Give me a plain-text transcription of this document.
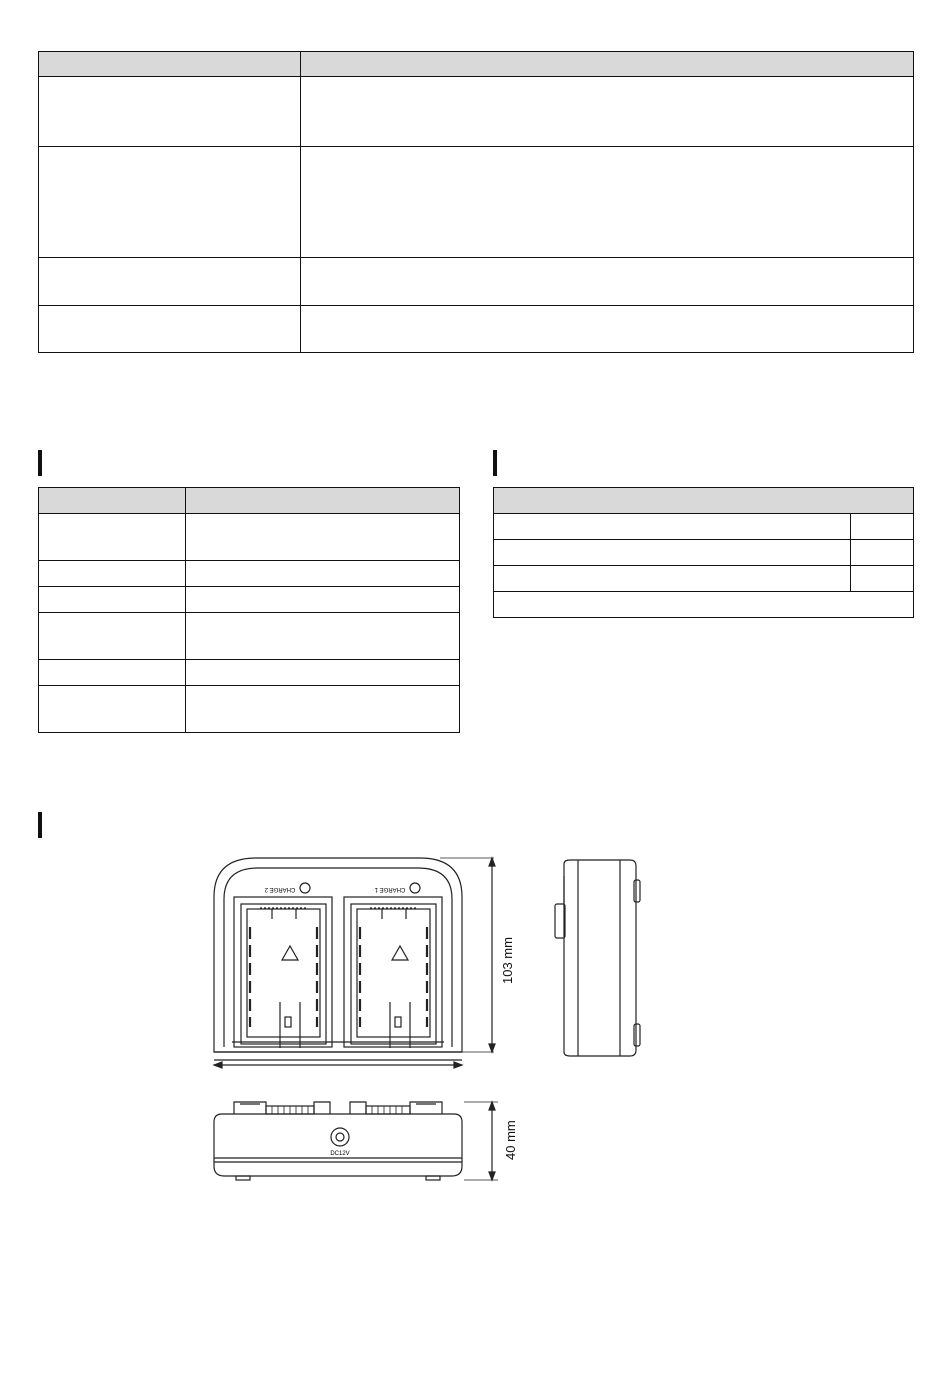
CHARGE 2	CHARGE 1
103 mm
DC12V	40 mm
